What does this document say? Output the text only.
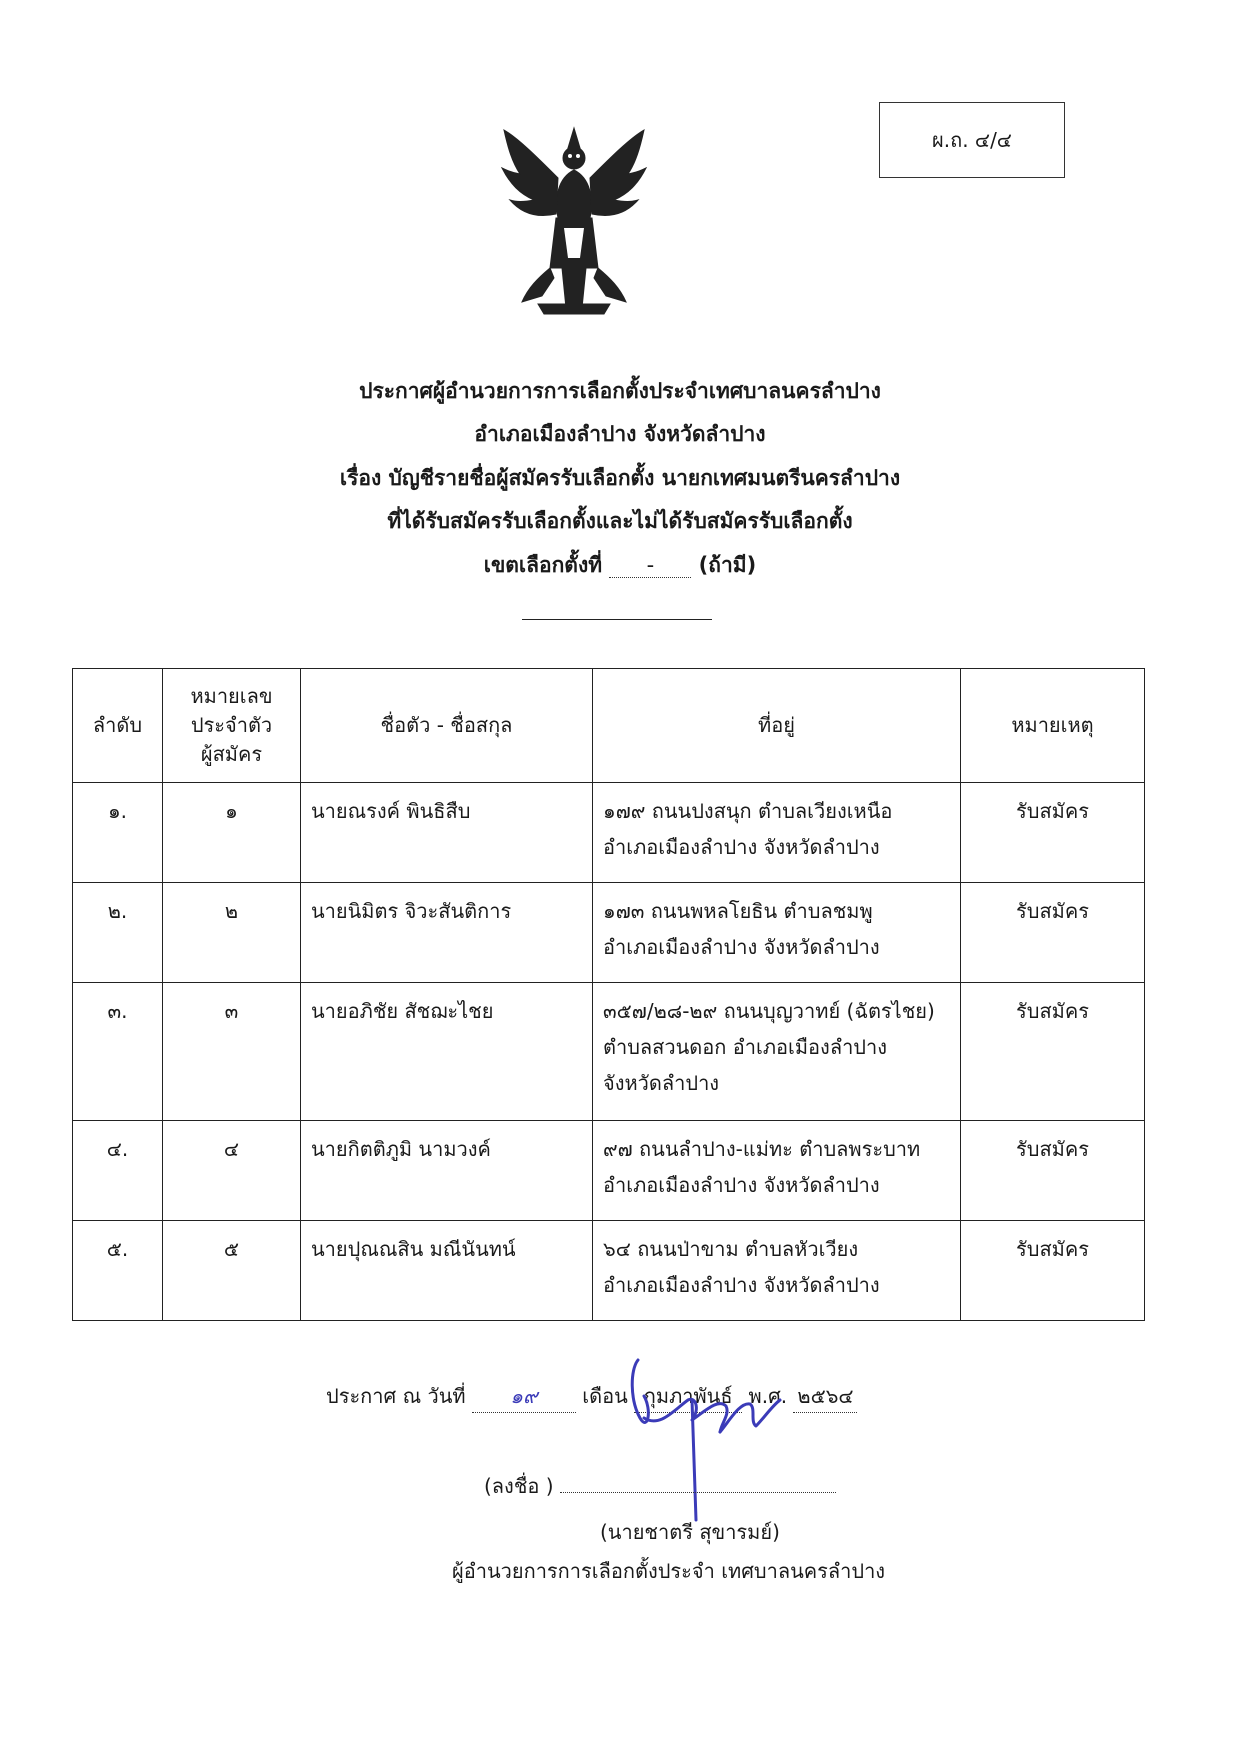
ผ.ถ. ๔/๔
ประกาศผู้อำนวยการการเลือกตั้งประจำเทศบาลนครลำปาง
อำเภอเมืองลำปาง จังหวัดลำปาง
เรื่อง บัญชีรายชื่อผู้สมัครรับเลือกตั้ง นายกเทศมนตรีนครลำปาง
ที่ได้รับสมัครรับเลือกตั้งและไม่ได้รับสมัครรับเลือกตั้ง
เขตเลือกตั้งที่ - (ถ้ามี)
ลำดับ	หมายเลข
ประจำตัว
ผู้สมัคร	ชื่อตัว - ชื่อสกุล	ที่อยู่	หมายเหตุ
๑.	๑	นายณรงค์ พินธิสืบ	๑๗๙ ถนนปงสนุก ตำบลเวียงเหนือ
อำเภอเมืองลำปาง จังหวัดลำปาง	รับสมัคร
๒.	๒	นายนิมิตร จิวะสันติการ	๑๗๓ ถนนพหลโยธิน ตำบลชมพู
อำเภอเมืองลำปาง จังหวัดลำปาง	รับสมัคร
๓.	๓	นายอภิชัย สัชฌะไชย	๓๕๗/๒๘-๒๙ ถนนบุญวาทย์ (ฉัตรไชย)
ตำบลสวนดอก อำเภอเมืองลำปาง
จังหวัดลำปาง	รับสมัคร
๔.	๔	นายกิตติภูมิ นามวงค์	๙๗ ถนนลำปาง-แม่ทะ ตำบลพระบาท
อำเภอเมืองลำปาง จังหวัดลำปาง	รับสมัคร
๕.	๕	นายปุณณสิน มณีนันทน์	๖๔ ถนนป่าขาม ตำบลหัวเวียง
อำเภอเมืองลำปาง จังหวัดลำปาง	รับสมัคร
ประกาศ ณ วันที่ ๑๙ เดือน กุมภาพันธ์ พ.ศ. ๒๕๖๔
(ลงชื่อ )
(นายชาตรี สุขารมย์)
ผู้อำนวยการการเลือกตั้งประจำ เทศบาลนครลำปาง
